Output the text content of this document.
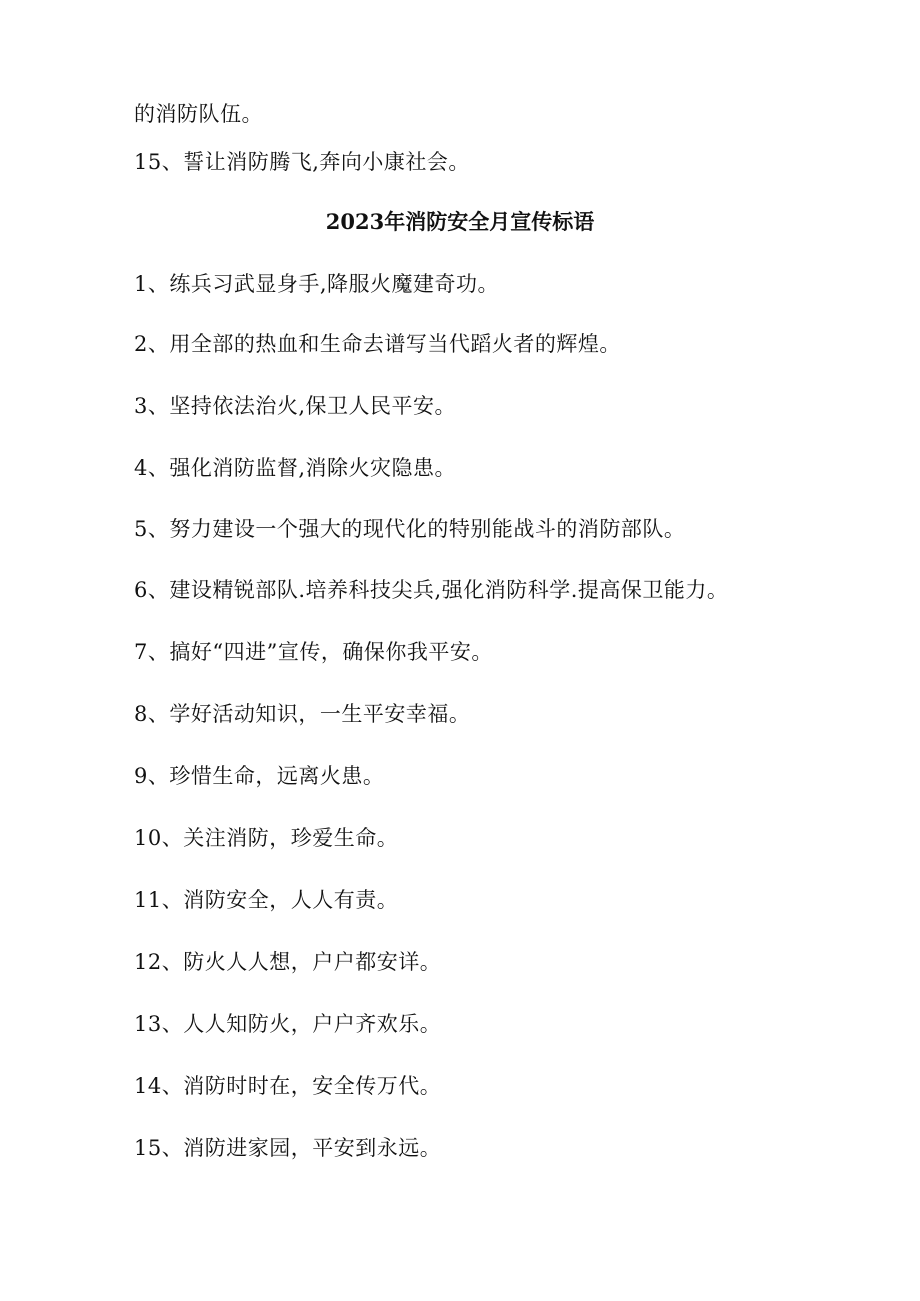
的消防队伍。
15、誓让消防腾飞,奔向小康社会。
2023年消防安全月宣传标语
1、练兵习武显身手,降服火魔建奇功。
2、用全部的热血和生命去谱写当代蹈火者的辉煌。
3、坚持依法治火,保卫人民平安。
4、强化消防监督,消除火灾隐患。
5、努力建设一个强大的现代化的特别能战斗的消防部队。
6、建设精锐部队.培养科技尖兵,强化消防科学.提高保卫能力。
7、搞好“四进”宣传，确保你我平安。
8、学好活动知识，一生平安幸福。
9、珍惜生命，远离火患。
10、关注消防，珍爱生命。
11、消防安全，人人有责。
12、防火人人想，户户都安详。
13、人人知防火，户户齐欢乐。
14、消防时时在，安全传万代。
15、消防进家园，平安到永远。
